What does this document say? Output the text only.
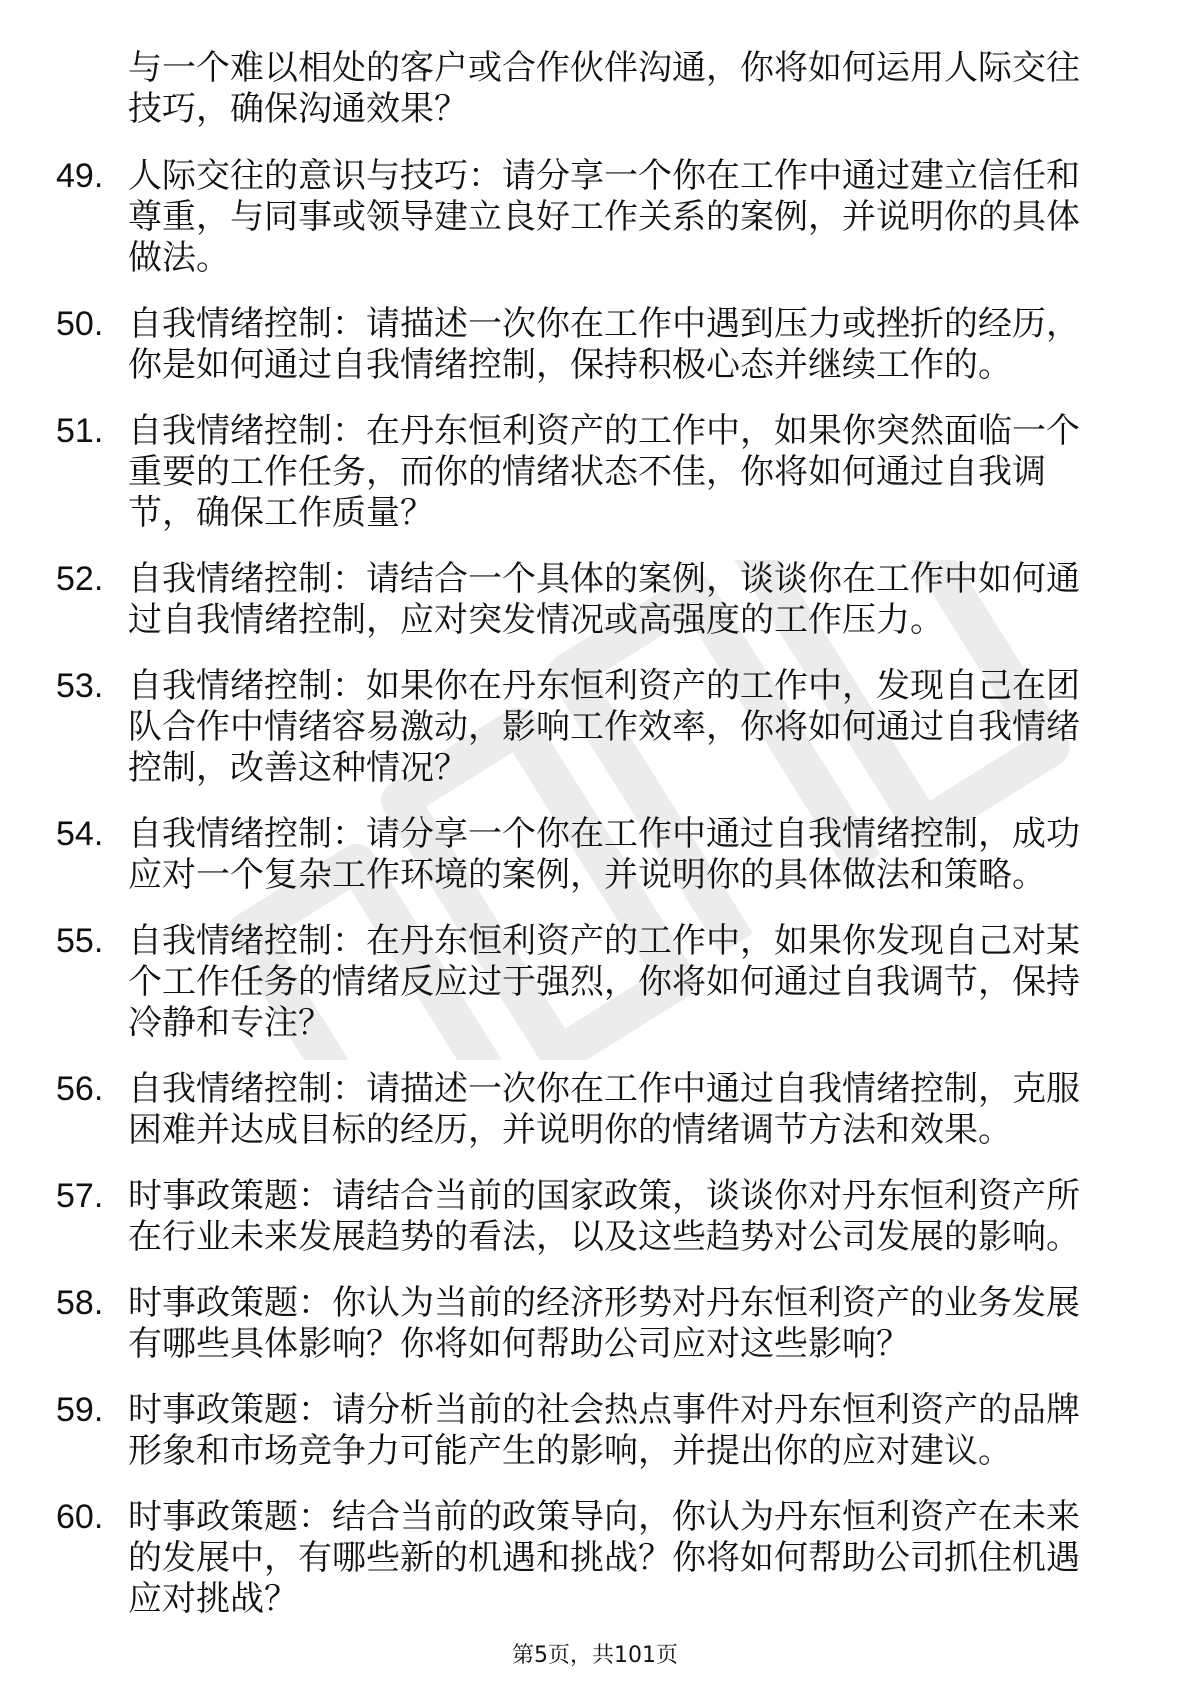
与一个难以相处的客户或合作伙伴沟通，你将如何运用人际交往技巧，确保沟通效果？
49. 人际交往的意识与技巧：请分享一个你在工作中通过建立信任和尊重，与同事或领导建立良好工作关系的案例，并说明你的具体做法。
50. 自我情绪控制：请描述一次你在工作中遇到压力或挫折的经历，你是如何通过自我情绪控制，保持积极心态并继续工作的。
51. 自我情绪控制：在丹东恒利资产的工作中，如果你突然面临一个重要的工作任务，而你的情绪状态不佳，你将如何通过自我调节，确保工作质量？
52. 自我情绪控制：请结合一个具体的案例，谈谈你在工作中如何通过自我情绪控制，应对突发情况或高强度的工作压力。
53. 自我情绪控制：如果你在丹东恒利资产的工作中，发现自己在团队合作中情绪容易激动，影响工作效率，你将如何通过自我情绪控制，改善这种情况？
54. 自我情绪控制：请分享一个你在工作中通过自我情绪控制，成功应对一个复杂工作环境的案例，并说明你的具体做法和策略。
55. 自我情绪控制：在丹东恒利资产的工作中，如果你发现自己对某个工作任务的情绪反应过于强烈，你将如何通过自我调节，保持冷静和专注？
56. 自我情绪控制：请描述一次你在工作中通过自我情绪控制，克服困难并达成目标的经历，并说明你的情绪调节方法和效果。
57. 时事政策题：请结合当前的国家政策，谈谈你对丹东恒利资产所在行业未来发展趋势的看法，以及这些趋势对公司发展的影响。
58. 时事政策题：你认为当前的经济形势对丹东恒利资产的业务发展有哪些具体影响？你将如何帮助公司应对这些影响？
59. 时事政策题：请分析当前的社会热点事件对丹东恒利资产的品牌形象和市场竞争力可能产生的影响，并提出你的应对建议。
60. 时事政策题：结合当前的政策导向，你认为丹东恒利资产在未来的发展中，有哪些新的机遇和挑战？你将如何帮助公司抓住机遇应对挑战？
第5页，共101页
